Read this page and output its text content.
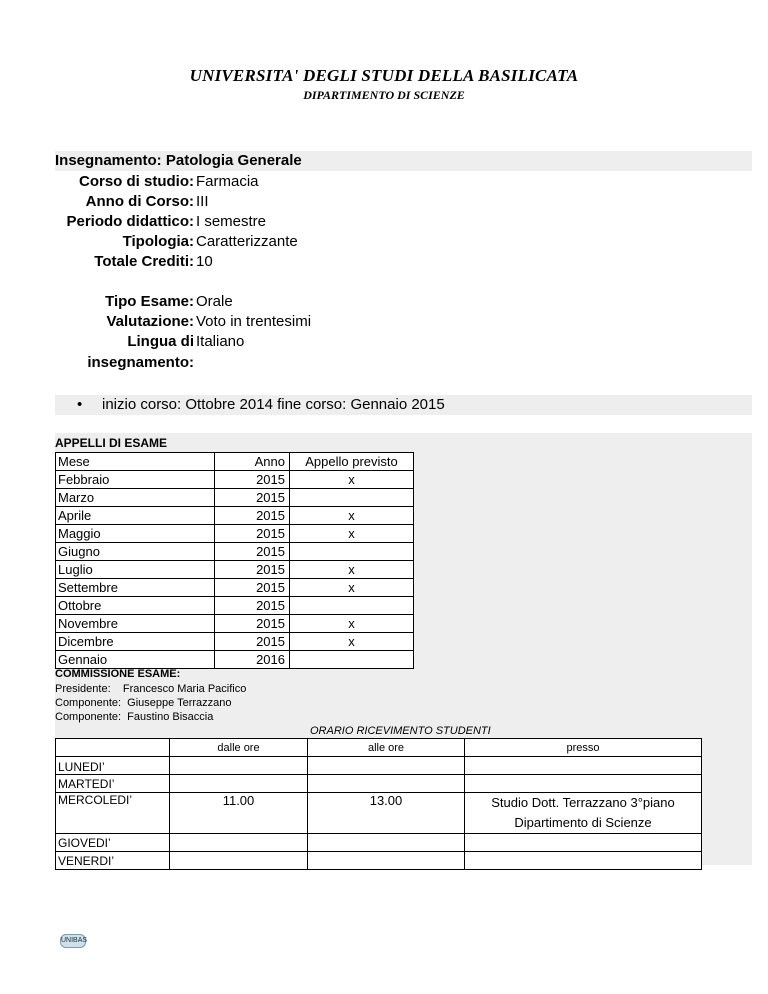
UNIVERSITA' DEGLI STUDI DELLA BASILICATA
DIPARTIMENTO DI SCIENZE
Insegnamento: Patologia Generale
Corso di studio: Farmacia
Anno di Corso: III
Periodo didattico: I semestre
Tipologia: Caratterizzante
Totale Crediti: 10
Tipo Esame: Orale
Valutazione: Voto in trentesimi
Lingua di Italiano
insegnamento:
• inizio corso: Ottobre 2014 fine corso: Gennaio 2015
APPELLI DI ESAME
Mese	Anno	Appello previsto
Febbraio	2015	x
Marzo	2015	
Aprile	2015	x
Maggio	2015	x
Giugno	2015	
Luglio	2015	x
Settembre	2015	x
Ottobre	2015	
Novembre	2015	x
Dicembre	2015	x
Gennaio	2016	
COMMISSIONE ESAME:
Presidente:    Francesco Maria Pacifico
Componente:  Giuseppe Terrazzano
Componente:  Faustino Bisaccia
ORARIO RICEVIMENTO STUDENTI
	dalle ore	alle ore	presso
LUNEDI’			
MARTEDI’			
MERCOLEDI’	11.00	13.00	Studio Dott. Terrazzano 3°piano
Dipartimento di Scienze
GIOVEDI’			
VENERDI’			
UNIBAS
